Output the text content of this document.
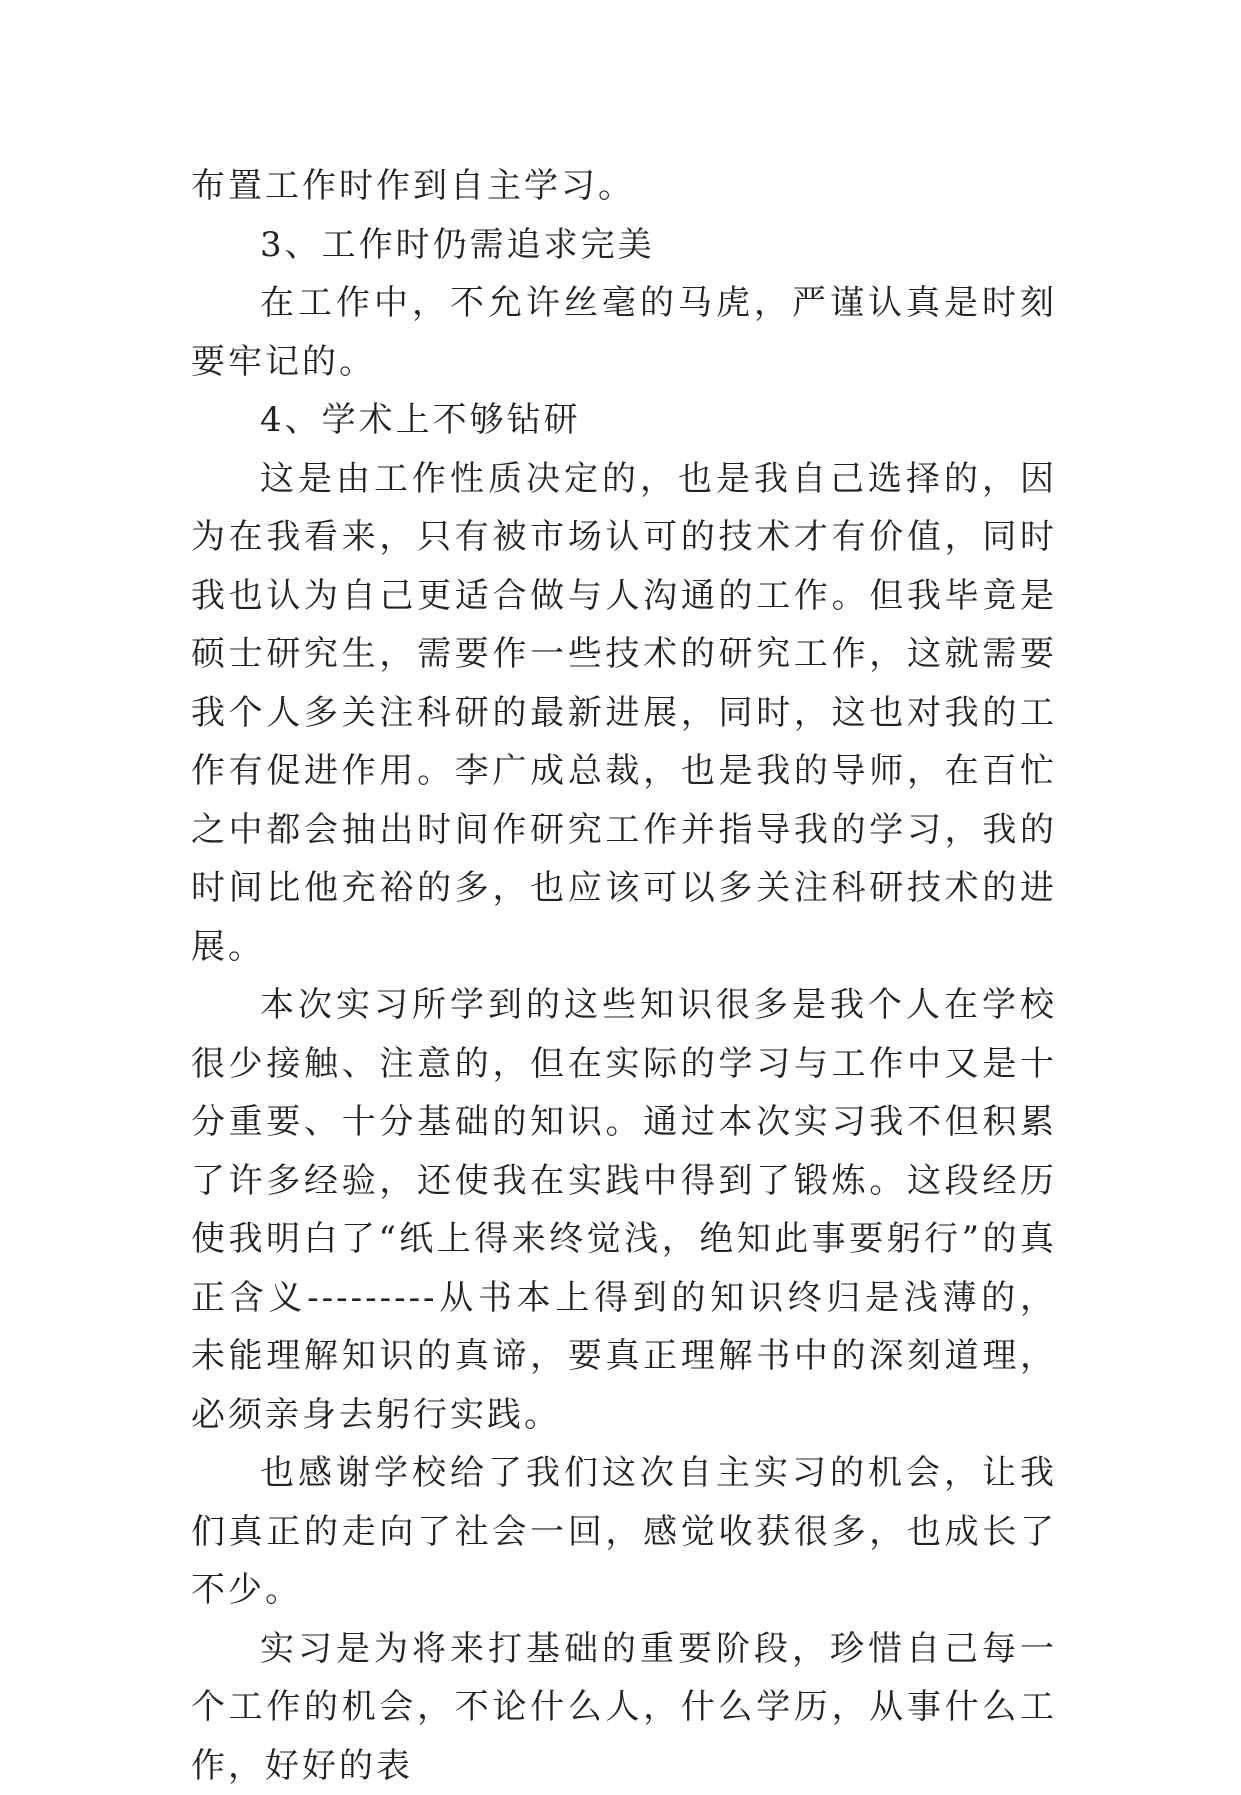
布置工作时作到自主学习。

3、工作时仍需追求完美

在工作中，不允许丝毫的马虎，严谨认真是时刻要牢记的。

4、学术上不够钻研

这是由工作性质决定的，也是我自己选择的，因为在我看来，只有被市场认可的技术才有价值，同时我也认为自己更适合做与人沟通的工作。但我毕竟是硕士研究生，需要作一些技术的研究工作，这就需要我个人多关注科研的最新进展，同时，这也对我的工作有促进作用。李广成总裁，也是我的导师，在百忙之中都会抽出时间作研究工作并指导我的学习，我的时间比他充裕的多，也应该可以多关注科研技术的进展。

本次实习所学到的这些知识很多是我个人在学校很少接触、注意的，但在实际的学习与工作中又是十分重要、十分基础的知识。通过本次实习我不但积累了许多经验，还使我在实践中得到了锻炼。这段经历使我明白了“纸上得来终觉浅，绝知此事要躬行”的真正含义---------从书本上得到的知识终归是浅薄的，未能理解知识的真谛，要真正理解书中的深刻道理，必须亲身去躬行实践。

也感谢学校给了我们这次自主实习的机会，让我们真正的走向了社会一回，感觉收获很多，也成长了不少。

实习是为将来打基础的重要阶段，珍惜自己每一个工作的机会，不论什么人，什么学历，从事什么工作，好好的表
